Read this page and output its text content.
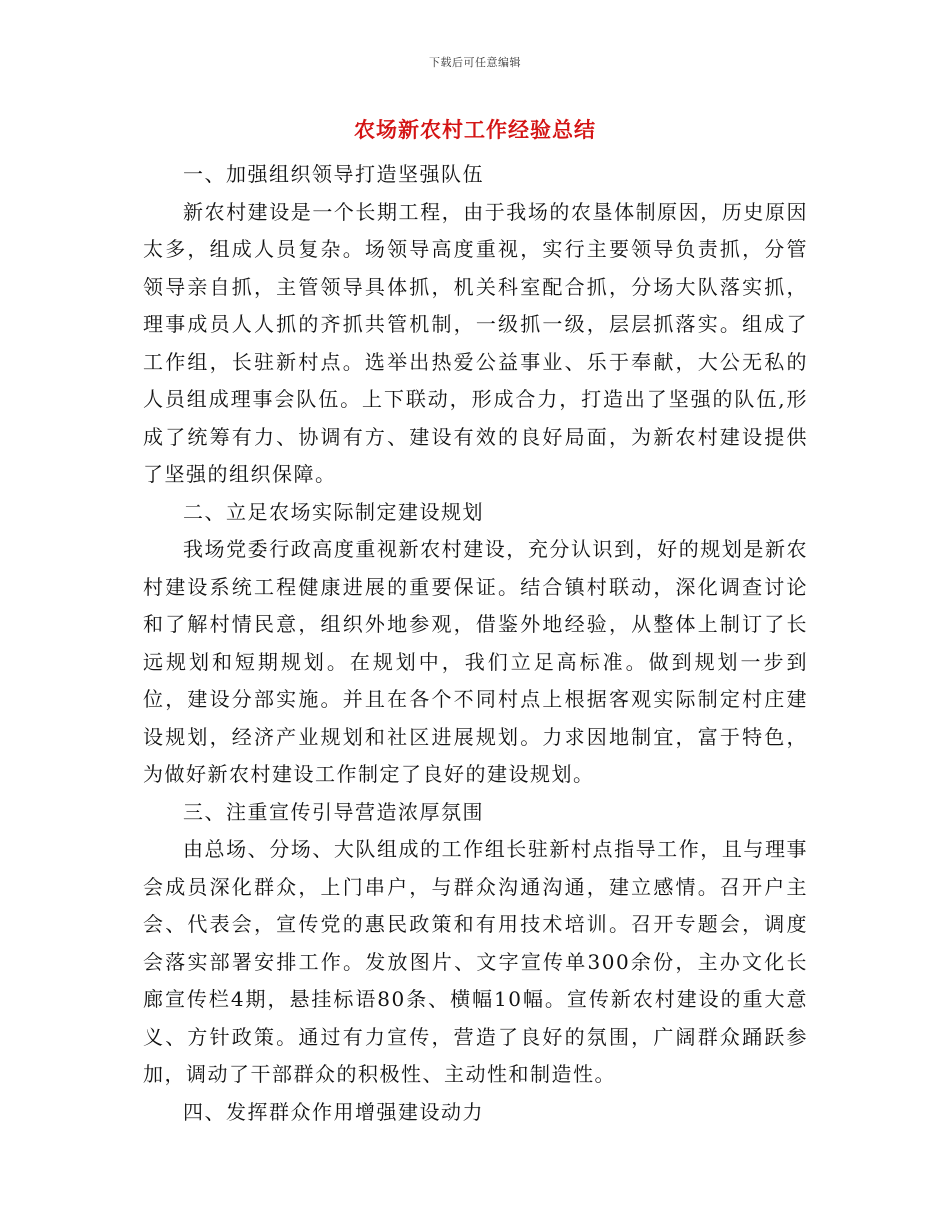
下载后可任意编辑
农场新农村工作经验总结

一、加强组织领导打造坚强队伍

新农村建设是一个长期工程，由于我场的农垦体制原因，历史原因太多，组成人员复杂。场领导高度重视，实行主要领导负责抓，分管领导亲自抓，主管领导具体抓，机关科室配合抓，分场大队落实抓，理事成员人人抓的齐抓共管机制，一级抓一级，层层抓落实。组成了工作组，长驻新村点。选举出热爱公益事业、乐于奉献，大公无私的人员组成理事会队伍。上下联动，形成合力，打造出了坚强的队伍,形成了统筹有力、协调有方、建设有效的良好局面，为新农村建设提供了坚强的组织保障。

二、立足农场实际制定建设规划

我场党委行政高度重视新农村建设，充分认识到，好的规划是新农村建设系统工程健康进展的重要保证。结合镇村联动，深化调查讨论和了解村情民意，组织外地参观，借鉴外地经验，从整体上制订了长远规划和短期规划。在规划中，我们立足高标准。做到规划一步到位，建设分部实施。并且在各个不同村点上根据客观实际制定村庄建设规划，经济产业规划和社区进展规划。力求因地制宜，富于特色，为做好新农村建设工作制定了良好的建设规划。

三、注重宣传引导营造浓厚氛围

由总场、分场、大队组成的工作组长驻新村点指导工作，且与理事会成员深化群众，上门串户，与群众沟通沟通，建立感情。召开户主会、代表会，宣传党的惠民政策和有用技术培训。召开专题会，调度会落实部署安排工作。发放图片、文字宣传单300余份，主办文化长廊宣传栏4期，悬挂标语80条、横幅10幅。宣传新农村建设的重大意义、方针政策。通过有力宣传，营造了良好的氛围，广阔群众踊跃参加，调动了干部群众的积极性、主动性和制造性。

四、发挥群众作用增强建设动力
